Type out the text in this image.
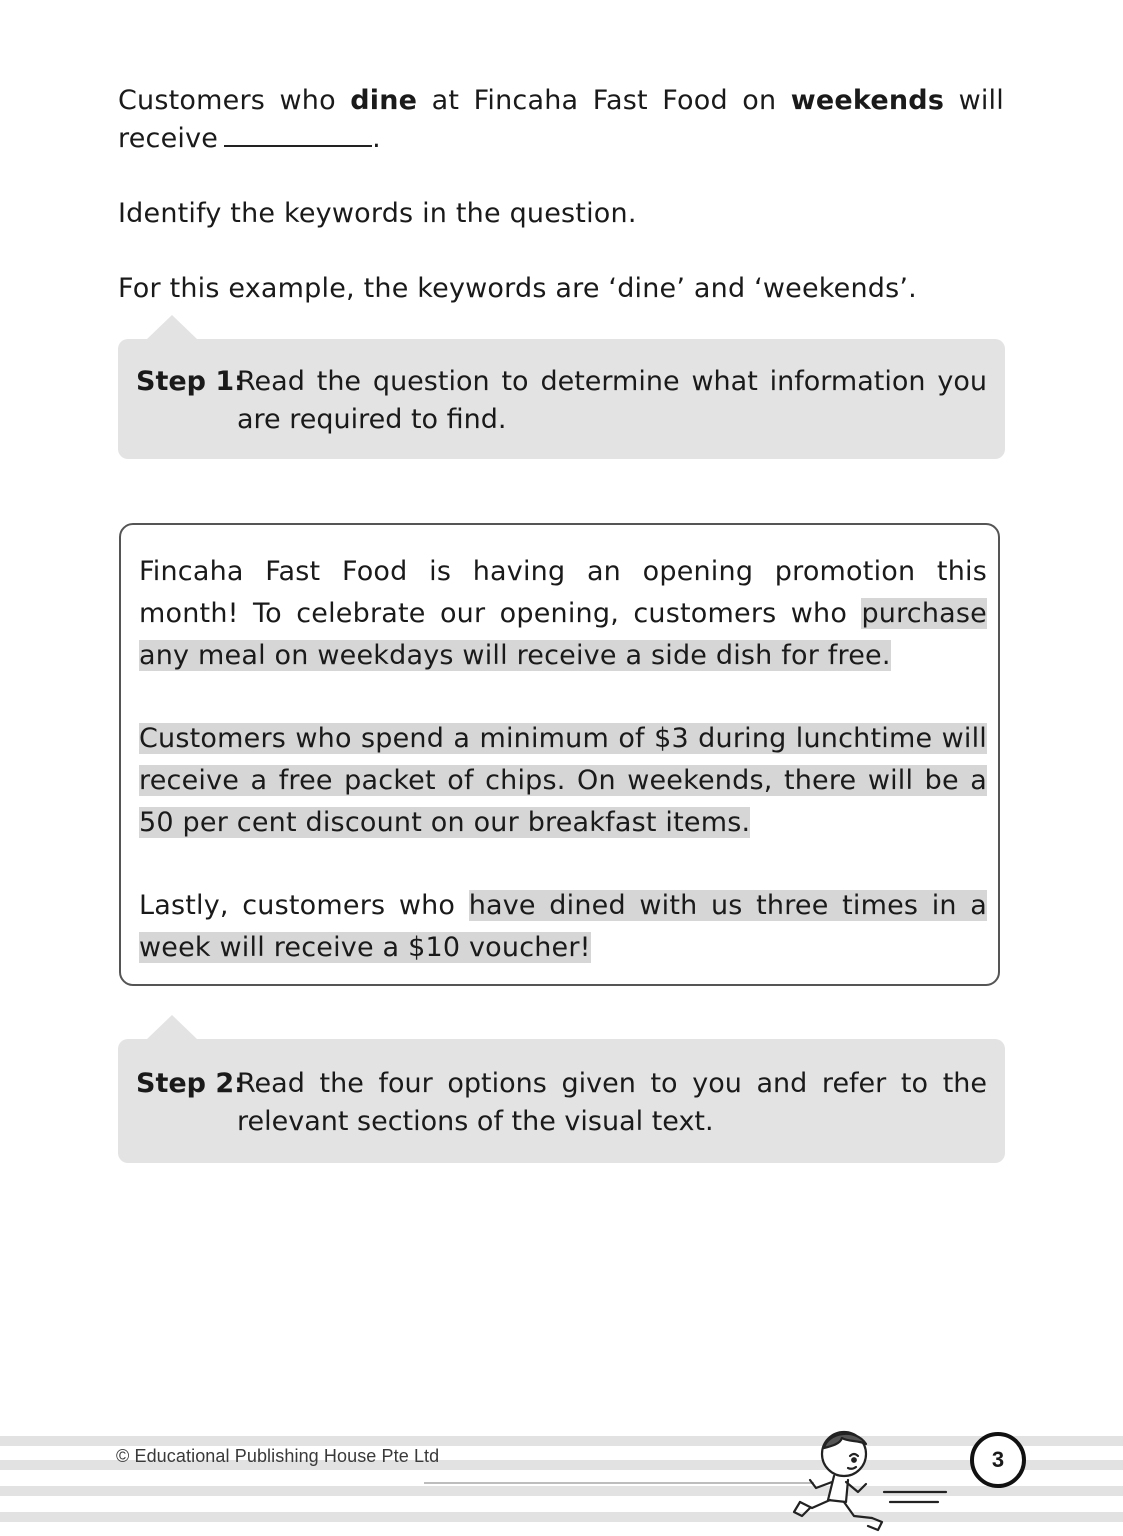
Customers who dine at Fincaha Fast Food on weekends will receive	.

Identify the keywords in the question.

For this example, the keywords are ‘dine’ and ‘weekends’.

Step 1:
Read the question to determine what information you are required to find.

Fincaha Fast Food is having an opening promotion this month! To celebrate our opening, customers who purchase any meal on weekdays will receive a side dish for free.

Customers who spend a minimum of $3 during lunchtime will receive a free packet of chips. On weekends, there will be a 50 per cent discount on our breakfast items.

Lastly, customers who have dined with us three times in a week will receive a $10 voucher!

Step 2:
Read the four options given to you and refer to the relevant sections of the visual text.
© Educational Publishing House Pte Ltd	3
